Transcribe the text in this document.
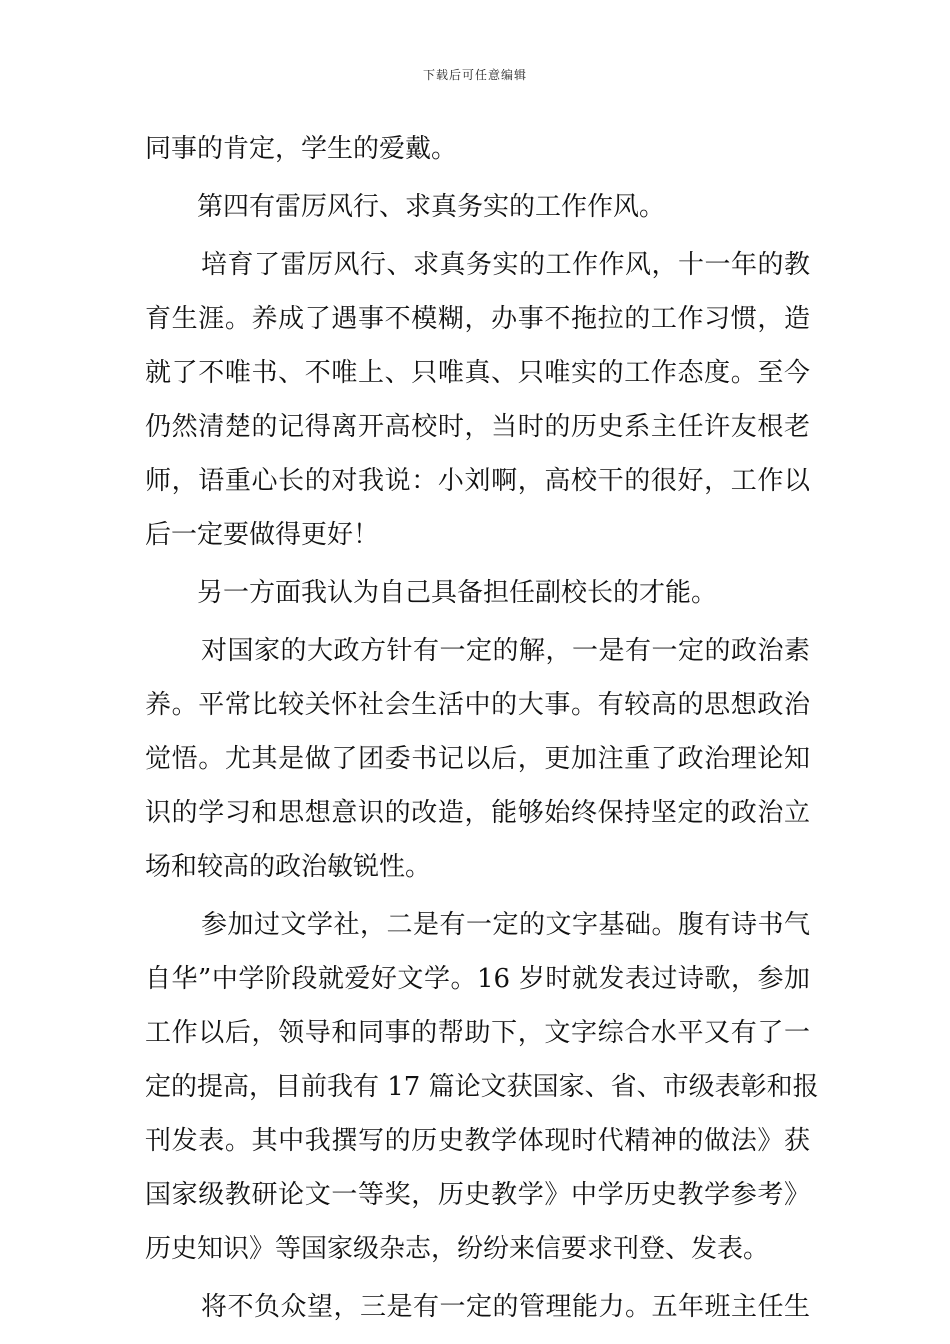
下载后可任意编辑
同事的肯定，学生的爱戴。
第四有雷厉风行、求真务实的工作作风。
培育了雷厉风行、求真务实的工作作风，十一年的教
育生涯。养成了遇事不模糊，办事不拖拉的工作习惯，造
就了不唯书、不唯上、只唯真、只唯实的工作态度。至今
仍然清楚的记得离开高校时，当时的历史系主任许友根老
师，语重心长的对我说：小刘啊，高校干的很好，工作以
后一定要做得更好！
另一方面我认为自己具备担任副校长的才能。
对国家的大政方针有一定的解，一是有一定的政治素
养。平常比较关怀社会生活中的大事。有较高的思想政治
觉悟。尤其是做了团委书记以后，更加注重了政治理论知
识的学习和思想意识的改造，能够始终保持坚定的政治立
场和较高的政治敏锐性。
参加过文学社，二是有一定的文字基础。腹有诗书气
自华”中学阶段就爱好文学。16 岁时就发表过诗歌，参加
工作以后，领导和同事的帮助下，文字综合水平又有了一
定的提高，目前我有 17 篇论文获国家、省、市级表彰和报
刊发表。其中我撰写的历史教学体现时代精神的做法》获
国家级教研论文一等奖，历史教学》中学历史教学参考》
历史知识》等国家级杂志，纷纷来信要求刊登、发表。
将不负众望，三是有一定的管理能力。五年班主任生
